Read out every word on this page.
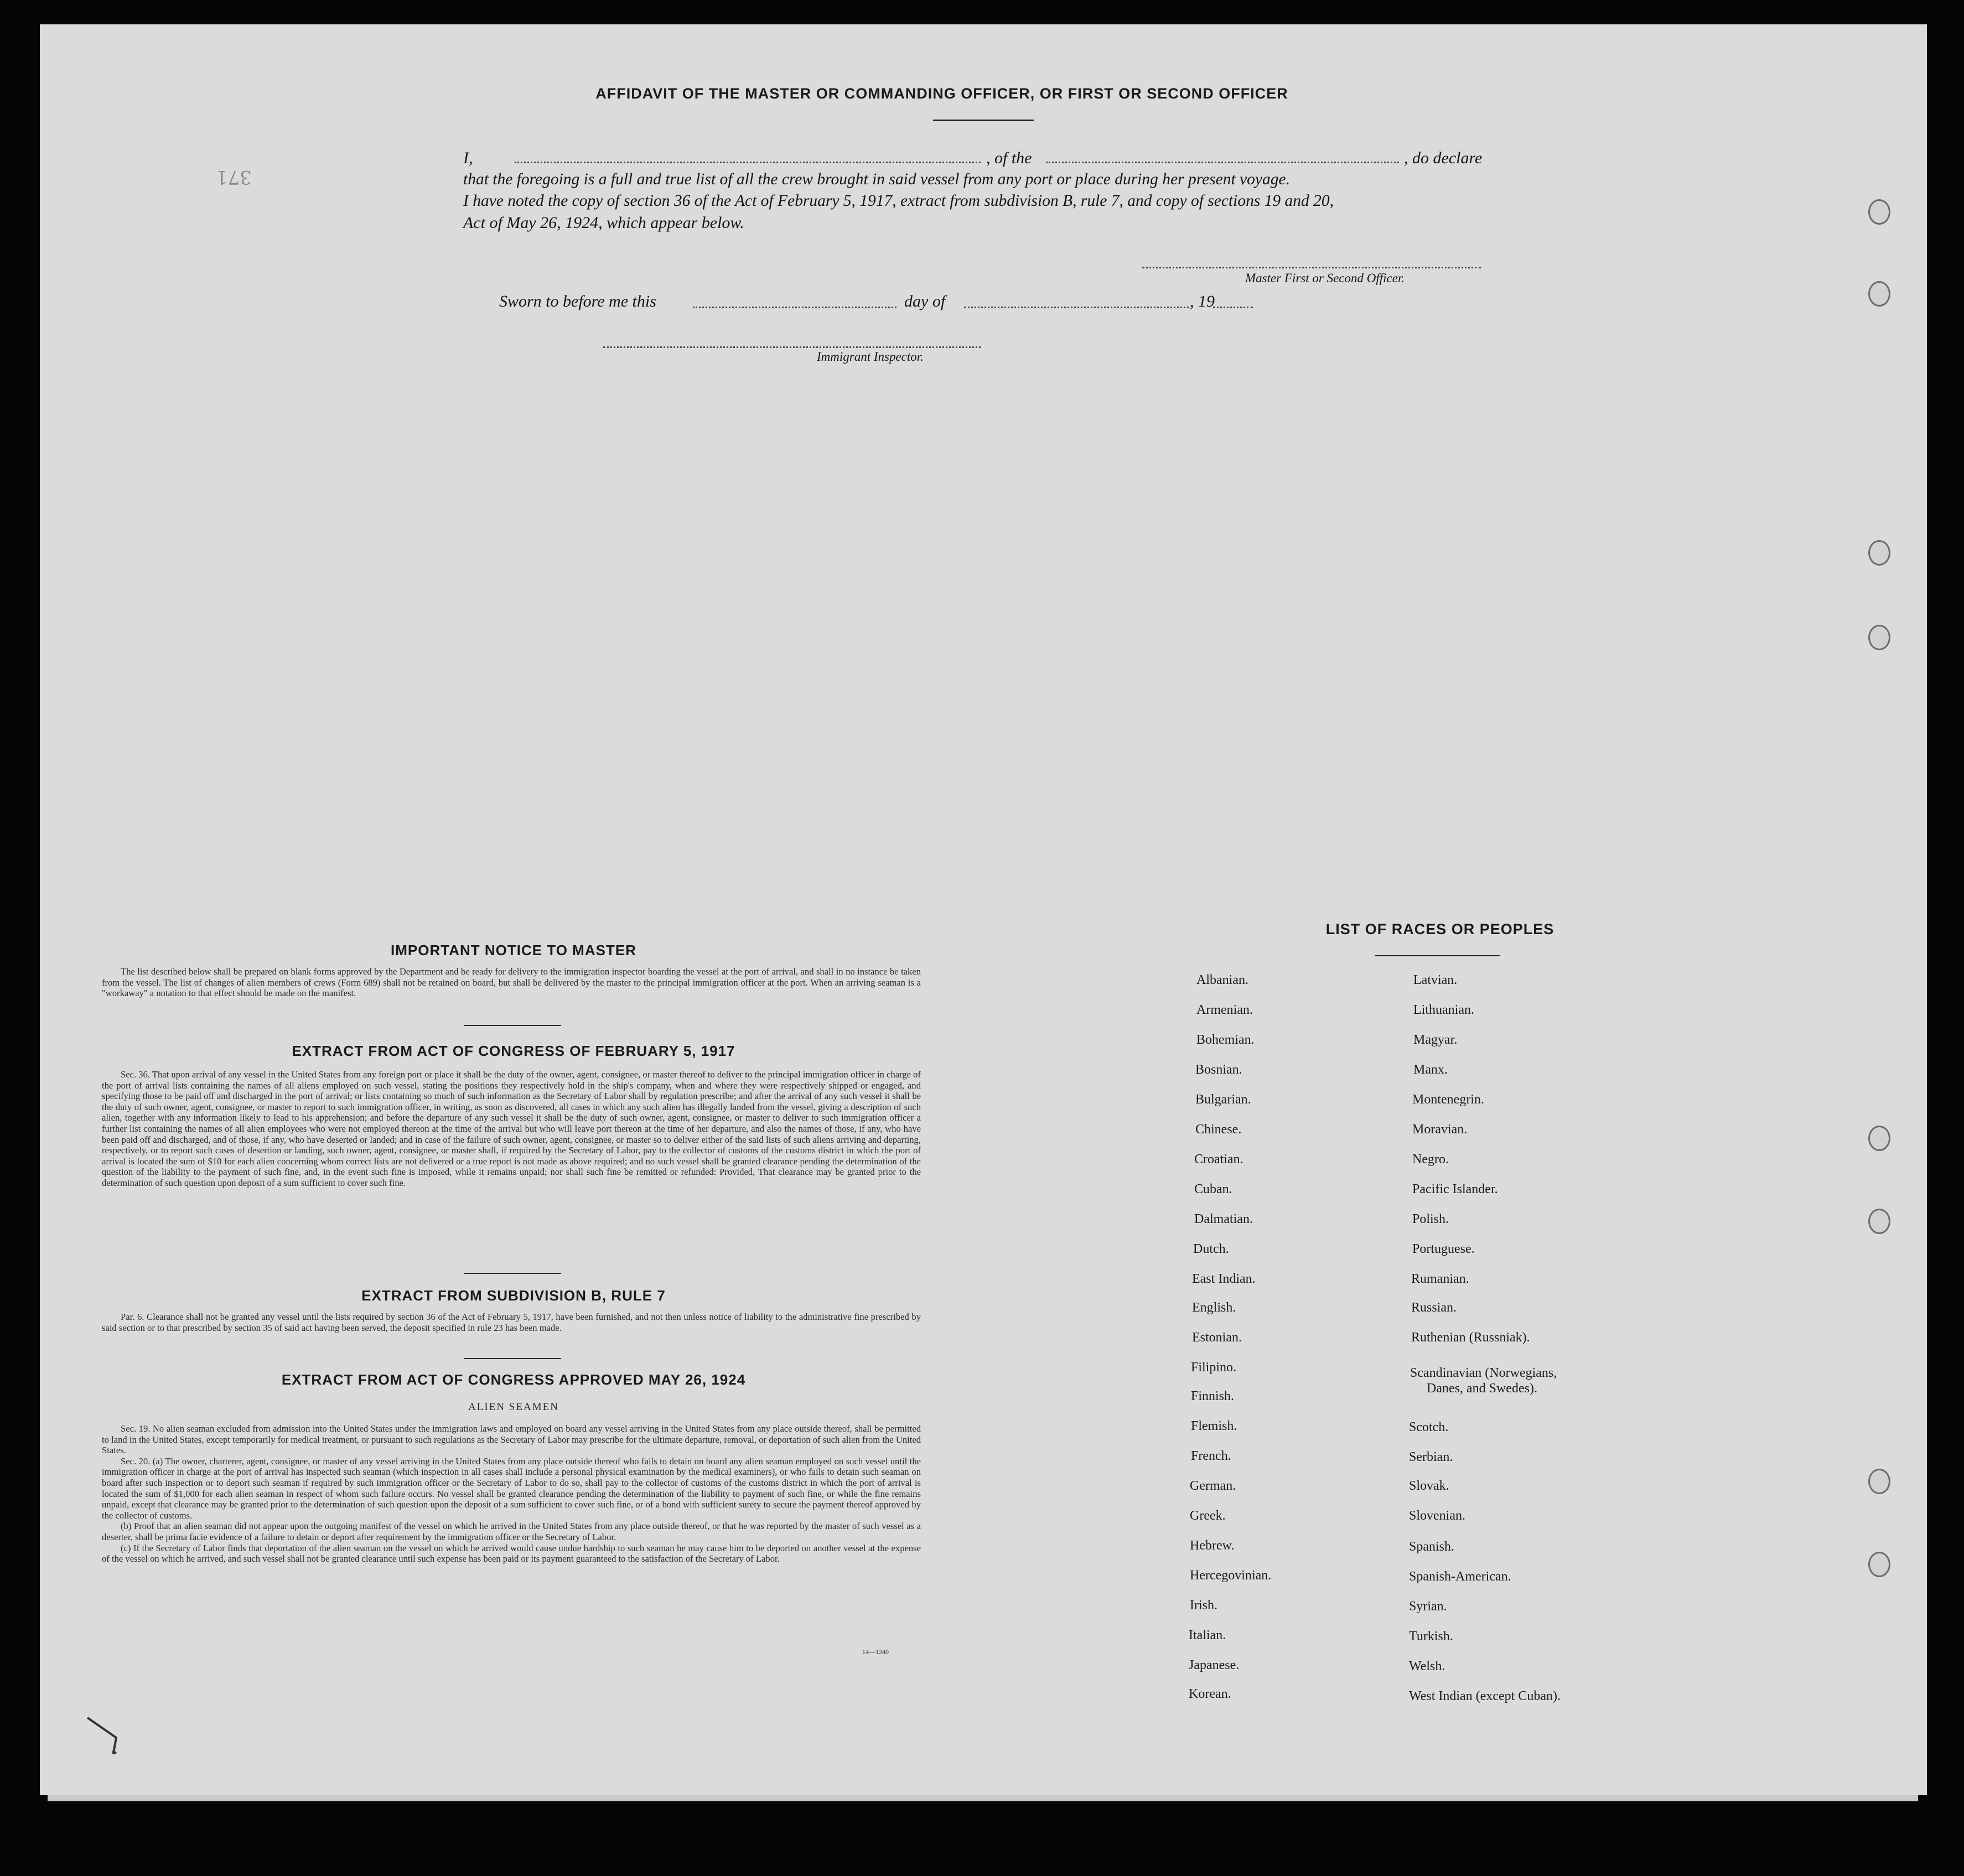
371
AFFIDAVIT OF THE MASTER OR COMMANDING OFFICER, OR FIRST OR SECOND OFFICER
I,	, of the	, do declare
that the foregoing is a full and true list of all the crew brought in said vessel from any port or place during her present voyage.
I have noted the copy of section 36 of the Act of February 5, 1917, extract from subdivision B, rule 7, and copy of sections 19 and 20,
Act of May 26, 1924, which appear below.
Master First or Second Officer.
Sworn to before me this	day of	, 19
Immigrant Inspector.
IMPORTANT NOTICE TO MASTER

The list described below shall be prepared on blank forms approved by the Department and be ready for delivery to the immigration inspector boarding the vessel at the port of arrival, and shall in no instance be taken from the vessel. The list of changes of alien members of crews (Form 689) shall not be retained on board, but shall be delivered by the master to the principal immigration officer at the port. When an arriving seaman is a "workaway" a notation to that effect should be made on the manifest.

EXTRACT FROM ACT OF CONGRESS OF FEBRUARY 5, 1917

Sec. 36. That upon arrival of any vessel in the United States from any foreign port or place it shall be the duty of the owner, agent, consignee, or master thereof to deliver to the principal immigration officer in charge of the port of arrival lists containing the names of all aliens employed on such vessel, stating the positions they respectively hold in the ship's company, when and where they were respectively shipped or engaged, and specifying those to be paid off and discharged in the port of arrival; or lists containing so much of such information as the Secretary of Labor shall by regulation prescribe; and after the arrival of any such vessel it shall be the duty of such owner, agent, consignee, or master to report to such immigration officer, in writing, as soon as discovered, all cases in which any such alien has illegally landed from the vessel, giving a description of such alien, together with any information likely to lead to his apprehension; and before the departure of any such vessel it shall be the duty of such owner, agent, consignee, or master to deliver to such immigration officer a further list containing the names of all alien employees who were not employed thereon at the time of the arrival but who will leave port thereon at the time of her departure, and also the names of those, if any, who have been paid off and discharged, and of those, if any, who have deserted or landed; and in case of the failure of such owner, agent, consignee, or master so to deliver either of the said lists of such aliens arriving and departing, respectively, or to report such cases of desertion or landing, such owner, agent, consignee, or master shall, if required by the Secretary of Labor, pay to the collector of customs of the customs district in which the port of arrival is located the sum of $10 for each alien concerning whom correct lists are not delivered or a true report is not made as above required; and no such vessel shall be granted clearance pending the determination of the question of the liability to the payment of such fine, and, in the event such fine is imposed, while it remains unpaid; nor shall such fine be remitted or refunded: Provided, That clearance may be granted prior to the determination of such question upon deposit of a sum sufficient to cover such fine.

EXTRACT FROM SUBDIVISION B, RULE 7

Par. 6. Clearance shall not be granted any vessel until the lists required by section 36 of the Act of February 5, 1917, have been furnished, and not then unless notice of liability to the administrative fine prescribed by said section or to that prescribed by section 35 of said act having been served, the deposit specified in rule 23 has been made.

EXTRACT FROM ACT OF CONGRESS APPROVED MAY 26, 1924
ALIEN SEAMEN

Sec. 19. No alien seaman excluded from admission into the United States under the immigration laws and employed on board any vessel arriving in the United States from any place outside thereof, shall be permitted to land in the United States, except temporarily for medical treatment, or pursuant to such regulations as the Secretary of Labor may prescribe for the ultimate departure, removal, or deportation of such alien from the United States.

Sec. 20. (a) The owner, charterer, agent, consignee, or master of any vessel arriving in the United States from any place outside thereof who fails to detain on board any alien seaman employed on such vessel until the immigration officer in charge at the port of arrival has inspected such seaman (which inspection in all cases shall include a personal physical examination by the medical examiners), or who fails to detain such seaman on board after such inspection or to deport such seaman if required by such immigration officer or the Secretary of Labor to do so, shall pay to the collector of customs of the customs district in which the port of arrival is located the sum of $1,000 for each alien seaman in respect of whom such failure occurs. No vessel shall be granted clearance pending the determination of the liability to payment of such fine, or while the fine remains unpaid, except that clearance may be granted prior to the determination of such question upon the deposit of a sum sufficient to cover such fine, or of a bond with sufficient surety to secure the payment thereof approved by the collector of customs.

(b) Proof that an alien seaman did not appear upon the outgoing manifest of the vessel on which he arrived in the United States from any place outside thereof, or that he was reported by the master of such vessel as a deserter, shall be prima facie evidence of a failure to detain or deport after requirement by the immigration officer or the Secretary of Labor.

(c) If the Secretary of Labor finds that deportation of the alien seaman on the vessel on which he arrived would cause undue hardship to such seaman he may cause him to be deported on another vessel at the expense of the vessel on which he arrived, and such vessel shall not be granted clearance until such expense has been paid or its payment guaranteed to the satisfaction of the Secretary of Labor.

14—1240
LIST OF RACES OR PEOPLES
Albanian.
Armenian.
Bohemian.
Bosnian.
Bulgarian.
Chinese.
Croatian.
Cuban.
Dalmatian.
Dutch.
East Indian.
English.
Estonian.
Filipino.
Finnish.
Flemish.
French.
German.
Greek.
Hebrew.
Hercegovinian.
Irish.
Italian.
Japanese.
Korean.
Latvian.
Lithuanian.
Magyar.
Manx.
Montenegrin.
Moravian.
Negro.
Pacific Islander.
Polish.
Portuguese.
Rumanian.
Russian.
Ruthenian (Russniak).
Scandinavian (Norwegians,
Danes, and Swedes).
Scotch.
Serbian.
Slovak.
Slovenian.
Spanish.
Spanish-American.
Syrian.
Turkish.
Welsh.
West Indian (except Cuban).
